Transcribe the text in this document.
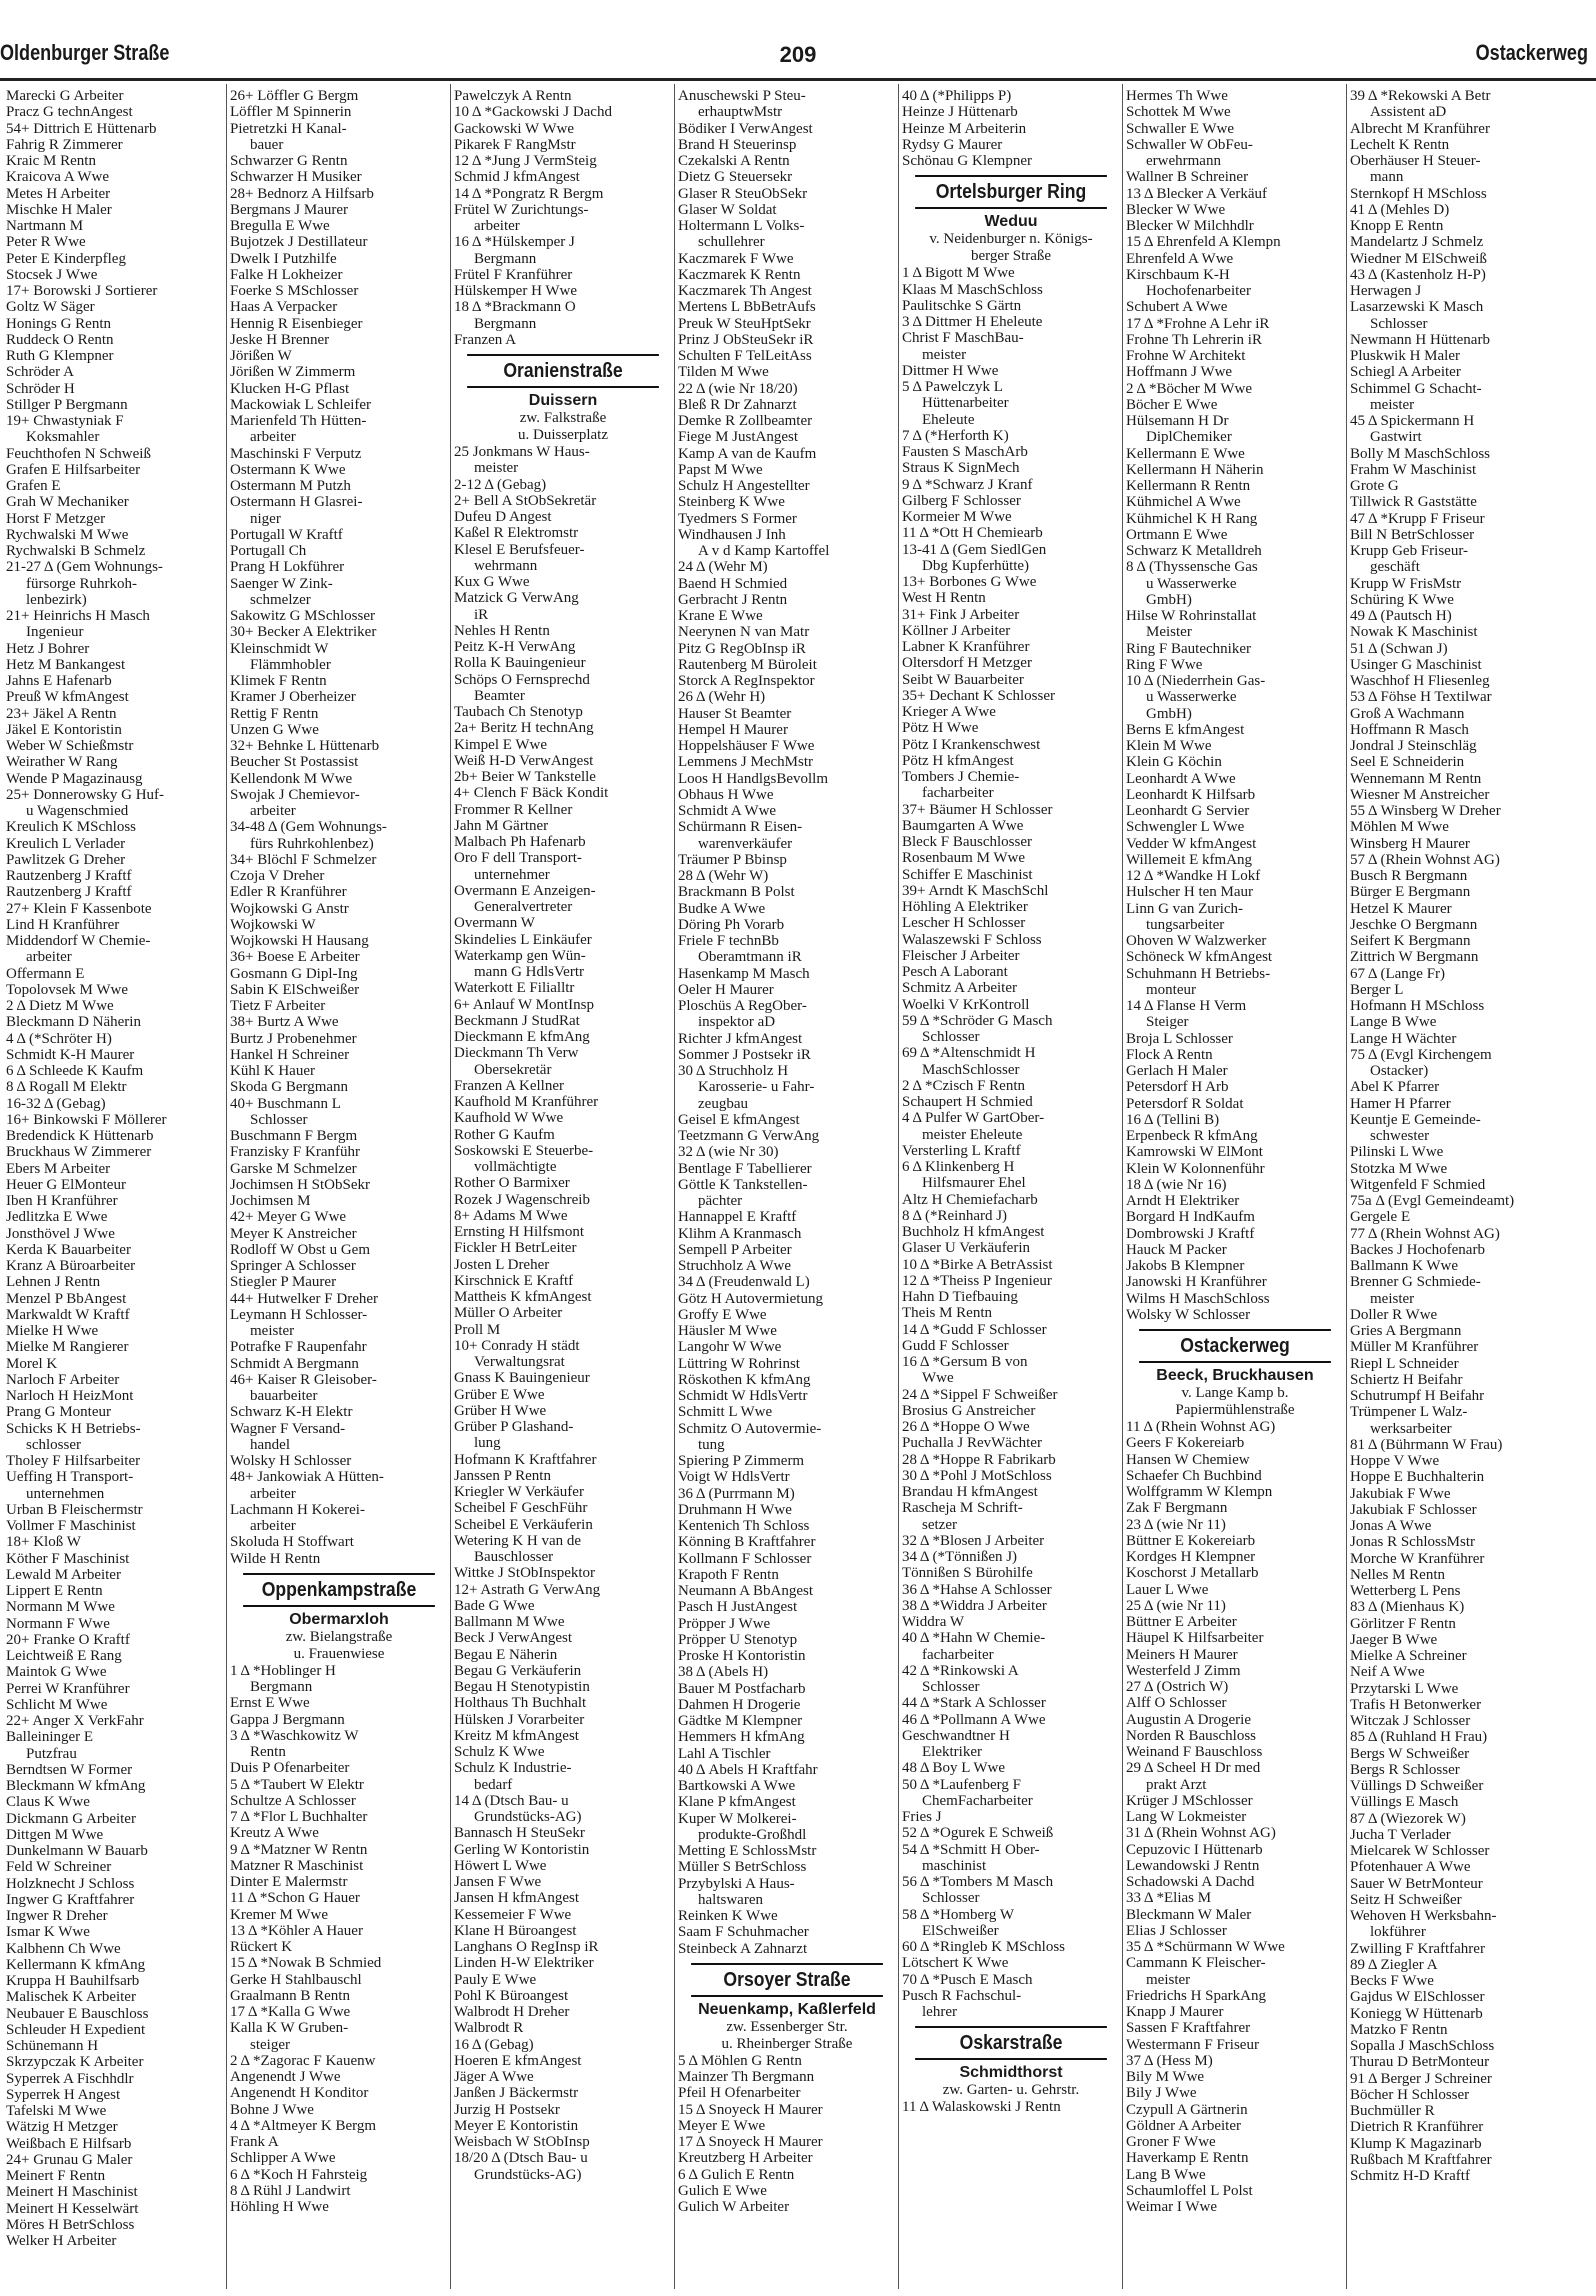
Oldenburger Straße	209	Ostackerweg
Marecki G Arbeiter
Pracz G technAngest
54+ Dittrich E Hüttenarb
Fahrig R Zimmerer
Kraic M Rentn
Kraicova A Wwe
Metes H Arbeiter
Mischke H Maler
Nartmann M
Peter R Wwe
Peter E Kinderpfleg
Stocsek J Wwe
17+ Borowski J Sortierer
Goltz W Säger
Honings G Rentn
Ruddeck O Rentn
Ruth G Klempner
Schröder A
Schröder H
Stillger P Bergmann
19+ Chwastyniak F
Koksmahler
Feuchthofen N Schweiß
Grafen E Hilfsarbeiter
Grafen E
Grah W Mechaniker
Horst F Metzger
Rychwalski M Wwe
Rychwalski B Schmelz
21-27 Δ (Gem Wohnungs-
fürsorge Ruhrkoh-
lenbezirk)
21+ Heinrichs H Masch
Ingenieur
Hetz J Bohrer
Hetz M Bankangest
Jahns E Hafenarb
Preuß W kfmAngest
23+ Jäkel A Rentn
Jäkel E Kontoristin
Weber W Schießmstr
Weirather W Rang
Wende P Magazinausg
25+ Donnerowsky G Huf-
u Wagenschmied
Kreulich K MSchloss
Kreulich L Verlader
Pawlitzek G Dreher
Rautzenberg J Kraftf
Rautzenberg J Kraftf
27+ Klein F Kassenbote
Lind H Kranführer
Middendorf W Chemie-
arbeiter
Offermann E
Topolovsek M Wwe
2 Δ Dietz M Wwe
Bleckmann D Näherin
4 Δ (*Schröter H)
Schmidt K-H Maurer
6 Δ Schleede K Kaufm
8 Δ Rogall M Elektr
16-32 Δ (Gebag)
16+ Binkowski F Möllerer
Bredendick K Hüttenarb
Bruckhaus W Zimmerer
Ebers M Arbeiter
Heuer G ElMonteur
Iben H Kranführer
Jedlitzka E Wwe
Jonsthövel J Wwe
Kerda K Bauarbeiter
Kranz A Büroarbeiter
Lehnen J Rentn
Menzel P BbAngest
Markwaldt W Kraftf
Mielke H Wwe
Mielke M Rangierer
Morel K
Narloch F Arbeiter
Narloch H HeizMont
Prang G Monteur
Schicks K H Betriebs-
schlosser
Tholey F Hilfsarbeiter
Ueffing H Transport-
unternehmen
Urban B Fleischermstr
Vollmer F Maschinist
18+ Kloß W
Köther F Maschinist
Lewald M Arbeiter
Lippert E Rentn
Normann M Wwe
Normann F Wwe
20+ Franke O Kraftf
Leichtweiß E Rang
Maintok G Wwe
Perrei W Kranführer
Schlicht M Wwe
22+ Anger X VerkFahr
Balleininger E
Putzfrau
Berndtsen W Former
Bleckmann W kfmAng
Claus K Wwe
Dickmann G Arbeiter
Dittgen M Wwe
Dunkelmann W Bauarb
Feld W Schreiner
Holzknecht J Schloss
Ingwer G Kraftfahrer
Ingwer R Dreher
Ismar K Wwe
Kalbhenn Ch Wwe
Kellermann K kfmAng
Kruppa H Bauhilfsarb
Malischek K Arbeiter
Neubauer E Bauschloss
Schleuder H Expedient
Schünemann H
Skrzypczak K Arbeiter
Syperrek A Fischhdlr
Syperrek H Angest
Tafelski M Wwe
Wätzig H Metzger
Weißbach E Hilfsarb
24+ Grunau G Maler
Meinert F Rentn
Meinert H Maschinist
Meinert H Kesselwärt
Möres H BetrSchloss
Welker H Arbeiter
26+ Löffler G Bergm
Löffler M Spinnerin
Pietretzki H Kanal-
bauer
Schwarzer G Rentn
Schwarzer H Musiker
28+ Bednorz A Hilfsarb
Bergmans J Maurer
Bregulla E Wwe
Bujotzek J Destillateur
Dwelk I Putzhilfe
Falke H Lokheizer
Foerke S MSchlosser
Haas A Verpacker
Hennig R Eisenbieger
Jeske H Brenner
Jörißen W
Jörißen W Zimmerm
Klucken H-G Pflast
Mackowiak L Schleifer
Marienfeld Th Hütten-
arbeiter
Maschinski F Verputz
Ostermann K Wwe
Ostermann M Putzh
Ostermann H Glasrei-
niger
Portugall W Kraftf
Portugall Ch
Prang H Lokführer
Saenger W Zink-
schmelzer
Sakowitz G MSchlosser
30+ Becker A Elektriker
Kleinschmidt W
Flämmhobler
Klimek F Rentn
Kramer J Oberheizer
Rettig F Rentn
Unzen G Wwe
32+ Behnke L Hüttenarb
Beucher St Postassist
Kellendonk M Wwe
Swojak J Chemievor-
arbeiter
34-48 Δ (Gem Wohnungs-
fürs Ruhrkohlenbez)
34+ Blöchl F Schmelzer
Czoja V Dreher
Edler R Kranführer
Wojkowski G Anstr
Wojkowski W
Wojkowski H Hausang
36+ Boese E Arbeiter
Gosmann G Dipl-Ing
Sabin K ElSchweißer
Tietz F Arbeiter
38+ Burtz A Wwe
Burtz J Probenehmer
Hankel H Schreiner
Kühl K Hauer
Skoda G Bergmann
40+ Buschmann L
Schlosser
Buschmann F Bergm
Franzisky F Kranführ
Garske M Schmelzer
Jochimsen H StObSekr
Jochimsen M
42+ Meyer G Wwe
Meyer K Anstreicher
Rodloff W Obst u Gem
Springer A Schlosser
Stiegler P Maurer
44+ Hutwelker F Dreher
Leymann H Schlosser-
meister
Potrafke F Raupenfahr
Schmidt A Bergmann
46+ Kaiser R Gleisober-
bauarbeiter
Schwarz K-H Elektr
Wagner F Versand-
handel
Wolsky H Schlosser
48+ Jankowiak A Hütten-
arbeiter
Lachmann H Kokerei-
arbeiter
Skoluda H Stoffwart
Wilde H Rentn
Oppenkampstraße
Obermarxloh
zw. Bielangstraße
u. Frauenwiese
1 Δ *Hoblinger H
Bergmann
Ernst E Wwe
Gappa J Bergmann
3 Δ *Waschkowitz W
Rentn
Duis P Ofenarbeiter
5 Δ *Taubert W Elektr
Schultze A Schlosser
7 Δ *Flor L Buchhalter
Kreutz A Wwe
9 Δ *Matzner W Rentn
Matzner R Maschinist
Dinter E Malermstr
11 Δ *Schon G Hauer
Kremer M Wwe
13 Δ *Köhler A Hauer
Rückert K
15 Δ *Nowak B Schmied
Gerke H Stahlbauschl
Graalmann B Rentn
17 Δ *Kalla G Wwe
Kalla K W Gruben-
steiger
2 Δ *Zagorac F Kauenw
Angenendt J Wwe
Angenendt H Konditor
Bohne J Wwe
4 Δ *Altmeyer K Bergm
Frank A
Schlipper A Wwe
6 Δ *Koch H Fahrsteig
8 Δ Rühl J Landwirt
Höhling H Wwe
Pawelczyk A Rentn
10 Δ *Gackowski J Dachd
Gackowski W Wwe
Pikarek F RangMstr
12 Δ *Jung J VermSteig
Schmid J kfmAngest
14 Δ *Pongratz R Bergm
Frütel W Zurichtungs-
arbeiter
16 Δ *Hülskemper J
Bergmann
Frütel F Kranführer
Hülskemper H Wwe
18 Δ *Brackmann O
Bergmann
Franzen A
Oranienstraße
Duissern
zw. Falkstraße
u. Duisserplatz
25 Jonkmans W Haus-
meister
2-12 Δ (Gebag)
2+ Bell A StObSekretär
Dufeu D Angest
Kaßel R Elektromstr
Klesel E Berufsfeuer-
wehrmann
Kux G Wwe
Matzick G VerwAng
iR
Nehles H Rentn
Peitz K-H VerwAng
Rolla K Bauingenieur
Schöps O Fernsprechd
Beamter
Taubach Ch Stenotyp
2a+ Beritz H technAng
Kimpel E Wwe
Weiß H-D VerwAngest
2b+ Beier W Tankstelle
4+ Clench F Bäck Kondit
Frommer R Kellner
Jahn M Gärtner
Malbach Ph Hafenarb
Oro F dell Transport-
unternehmer
Overmann E Anzeigen-
Generalvertreter
Overmann W
Skindelies L Einkäufer
Waterkamp gen Wün-
mann G HdlsVertr
Waterkott E Filialltr
6+ Anlauf W MontInsp
Beckmann J StudRat
Dieckmann E kfmAng
Dieckmann Th Verw
Obersekretär
Franzen A Kellner
Kaufhold M Kranführer
Kaufhold W Wwe
Rother G Kaufm
Soskowski E Steuerbe-
vollmächtigte
Rother O Barmixer
Rozek J Wagenschreib
8+ Adams M Wwe
Ernsting H Hilfsmont
Fickler H BetrLeiter
Josten L Dreher
Kirschnick E Kraftf
Mattheis K kfmAngest
Müller O Arbeiter
Proll M
10+ Conrady H städt
Verwaltungsrat
Gnass K Bauingenieur
Grüber E Wwe
Grüber H Wwe
Grüber P Glashand-
lung
Hofmann K Kraftfahrer
Janssen P Rentn
Kriegler W Verkäufer
Scheibel F GeschFühr
Scheibel E Verkäuferin
Wetering K H van de
Bauschlosser
Wittke J StObInspektor
12+ Astrath G VerwAng
Bade G Wwe
Ballmann M Wwe
Beck J VerwAngest
Begau E Näherin
Begau G Verkäuferin
Begau H Stenotypistin
Holthaus Th Buchhalt
Hülsken J Vorarbeiter
Kreitz M kfmAngest
Schulz K Wwe
Schulz K Industrie-
bedarf
14 Δ (Dtsch Bau- u
Grundstücks-AG)
Bannasch H SteuSekr
Gerling W Kontoristin
Höwert L Wwe
Jansen F Wwe
Jansen H kfmAngest
Kessemeier F Wwe
Klane H Büroangest
Langhans O RegInsp iR
Linden H-W Elektriker
Pauly E Wwe
Pohl K Büroangest
Walbrodt H Dreher
Walbrodt R
16 Δ (Gebag)
Hoeren E kfmAngest
Jäger A Wwe
Janßen J Bäckermstr
Jurzig H Postsekr
Meyer E Kontoristin
Weisbach W StObInsp
18/20 Δ (Dtsch Bau- u
Grundstücks-AG)
Anuschewski P Steu-
erhauptwMstr
Bödiker I VerwAngest
Brand H Steuerinsp
Czekalski A Rentn
Dietz G Steuersekr
Glaser R SteuObSekr
Glaser W Soldat
Holtermann L Volks-
schullehrer
Kaczmarek F Wwe
Kaczmarek K Rentn
Kaczmarek Th Angest
Mertens L BbBetrAufs
Preuk W SteuHptSekr
Prinz J ObSteuSekr iR
Schulten F TelLeitAss
Tilden M Wwe
22 Δ (wie Nr 18/20)
Bleß R Dr Zahnarzt
Demke R Zollbeamter
Fiege M JustAngest
Kamp A van de Kaufm
Papst M Wwe
Schulz H Angestellter
Steinberg K Wwe
Tyedmers S Former
Windhausen J Inh
A v d Kamp Kartoffel
24 Δ (Wehr M)
Baend H Schmied
Gerbracht J Rentn
Krane E Wwe
Neerynen N van Matr
Pitz G RegObInsp iR
Rautenberg M Büroleit
Storck A RegInspektor
26 Δ (Wehr H)
Hauser St Beamter
Hempel H Maurer
Hoppelshäuser F Wwe
Lemmens J MechMstr
Loos H HandlgsBevollm
Obhaus H Wwe
Schmidt A Wwe
Schürmann R Eisen-
warenverkäufer
Träumer P Bbinsp
28 Δ (Wehr W)
Brackmann B Polst
Budke A Wwe
Döring Ph Vorarb
Friele F technBb
Oberamtmann iR
Hasenkamp M Masch
Oeler H Maurer
Ploschüs A RegOber-
inspektor aD
Richter J kfmAngest
Sommer J Postsekr iR
30 Δ Struchholz H
Karosserie- u Fahr-
zeugbau
Geisel E kfmAngest
Teetzmann G VerwAng
32 Δ (wie Nr 30)
Bentlage F Tabellierer
Göttle K Tankstellen-
pächter
Hannappel E Kraftf
Klihm A Kranmasch
Sempell P Arbeiter
Struchholz A Wwe
34 Δ (Freudenwald L)
Götz H Autovermietung
Groffy E Wwe
Häusler M Wwe
Langohr W Wwe
Lüttring W Rohrinst
Röskothen K kfmAng
Schmidt W HdlsVertr
Schmitt L Wwe
Schmitz O Autovermie-
tung
Spiering P Zimmerm
Voigt W HdlsVertr
36 Δ (Purrmann M)
Druhmann H Wwe
Kentenich Th Schloss
Könning B Kraftfahrer
Kollmann F Schlosser
Krapoth F Rentn
Neumann A BbAngest
Pasch H JustAngest
Pröpper J Wwe
Pröpper U Stenotyp
Proske H Kontoristin
38 Δ (Abels H)
Bauer M Postfacharb
Dahmen H Drogerie
Gädtke M Klempner
Hemmers H kfmAng
Lahl A Tischler
40 Δ Abels H Kraftfahr
Bartkowski A Wwe
Klane P kfmAngest
Kuper W Molkerei-
produkte-Großhdl
Metting E SchlossMstr
Müller S BetrSchloss
Przybylski A Haus-
haltswaren
Reinken K Wwe
Saam F Schuhmacher
Steinbeck A Zahnarzt
Orsoyer Straße
Neuenkamp, Kaßlerfeld
zw. Essenberger Str.
u. Rheinberger Straße
5 Δ Möhlen G Rentn
Mainzer Th Bergmann
Pfeil H Ofenarbeiter
15 Δ Snoyeck H Maurer
Meyer E Wwe
17 Δ Snoyeck H Maurer
Kreutzberg H Arbeiter
6 Δ Gulich E Rentn
Gulich E Wwe
Gulich W Arbeiter
40 Δ (*Philipps P)
Heinze J Hüttenarb
Heinze M Arbeiterin
Rydsy G Maurer
Schönau G Klempner
Ortelsburger Ring
Weduu
v. Neidenburger n. Königs-
berger Straße
1 Δ Bigott M Wwe
Klaas M MaschSchloss
Paulitschke S Gärtn
3 Δ Dittmer H Eheleute
Christ F MaschBau-
meister
Dittmer H Wwe
5 Δ Pawelczyk L
Hüttenarbeiter
Eheleute
7 Δ (*Herforth K)
Fausten S MaschArb
Straus K SignMech
9 Δ *Schwarz J Kranf
Gilberg F Schlosser
Kormeier M Wwe
11 Δ *Ott H Chemiearb
13-41 Δ (Gem SiedlGen
Dbg Kupferhütte)
13+ Borbones G Wwe
West H Rentn
31+ Fink J Arbeiter
Köllner J Arbeiter
Labner K Kranführer
Oltersdorf H Metzger
Seibt W Bauarbeiter
35+ Dechant K Schlosser
Krieger A Wwe
Pötz H Wwe
Pötz I Krankenschwest
Pötz H kfmAngest
Tombers J Chemie-
facharbeiter
37+ Bäumer H Schlosser
Baumgarten A Wwe
Bleck F Bauschlosser
Rosenbaum M Wwe
Schiffer E Maschinist
39+ Arndt K MaschSchl
Höhling A Elektriker
Lescher H Schlosser
Walaszewski F Schloss
Fleischer J Arbeiter
Pesch A Laborant
Schmitz A Arbeiter
Woelki V KrKontroll
59 Δ *Schröder G Masch
Schlosser
69 Δ *Altenschmidt H
MaschSchlosser
2 Δ *Czisch F Rentn
Schaupert H Schmied
4 Δ Pulfer W GartOber-
meister Eheleute
Versterling L Kraftf
6 Δ Klinkenberg H
Hilfsmaurer Ehel
Altz H Chemiefacharb
8 Δ (*Reinhard J)
Buchholz H kfmAngest
Glaser U Verkäuferin
10 Δ *Birke A BetrAssist
12 Δ *Theiss P Ingenieur
Hahn D Tiefbauing
Theis M Rentn
14 Δ *Gudd F Schlosser
Gudd F Schlosser
16 Δ *Gersum B von
Wwe
24 Δ *Sippel F Schweißer
Brosius G Anstreicher
26 Δ *Hoppe O Wwe
Puchalla J RevWächter
28 Δ *Hoppe R Fabrikarb
30 Δ *Pohl J MotSchloss
Brandau H kfmAngest
Rascheja M Schrift-
setzer
32 Δ *Blosen J Arbeiter
34 Δ (*Tönnißen J)
Tönnißen S Bürohilfe
36 Δ *Hahse A Schlosser
38 Δ *Widdra J Arbeiter
Widdra W
40 Δ *Hahn W Chemie-
facharbeiter
42 Δ *Rinkowski A
Schlosser
44 Δ *Stark A Schlosser
46 Δ *Pollmann A Wwe
Geschwandtner H
Elektriker
48 Δ Boy L Wwe
50 Δ *Laufenberg F
ChemFacharbeiter
Fries J
52 Δ *Ogurek E Schweiß
54 Δ *Schmitt H Ober-
maschinist
56 Δ *Tombers M Masch
Schlosser
58 Δ *Homberg W
ElSchweißer
60 Δ *Ringleb K MSchloss
Lötschert K Wwe
70 Δ *Pusch E Masch
Pusch R Fachschul-
lehrer
Oskarstraße
Schmidthorst
zw. Garten- u. Gehrstr.
11 Δ Walaskowski J Rentn
Hermes Th Wwe
Schottek M Wwe
Schwaller E Wwe
Schwaller W ObFeu-
erwehrmann
Wallner B Schreiner
13 Δ Blecker A Verkäuf
Blecker W Wwe
Blecker W Milchhdlr
15 Δ Ehrenfeld A Klempn
Ehrenfeld A Wwe
Kirschbaum K-H
Hochofenarbeiter
Schubert A Wwe
17 Δ *Frohne A Lehr iR
Frohne Th Lehrerin iR
Frohne W Architekt
Hoffmann J Wwe
2 Δ *Böcher M Wwe
Böcher E Wwe
Hülsemann H Dr
DiplChemiker
Kellermann E Wwe
Kellermann H Näherin
Kellermann R Rentn
Kühmichel A Wwe
Kühmichel K H Rang
Ortmann E Wwe
Schwarz K Metalldreh
8 Δ (Thyssensche Gas
u Wasserwerke
GmbH)
Hilse W Rohrinstallat
Meister
Ring F Bautechniker
Ring F Wwe
10 Δ (Niederrhein Gas-
u Wasserwerke
GmbH)
Berns E kfmAngest
Klein M Wwe
Klein G Köchin
Leonhardt A Wwe
Leonhardt K Hilfsarb
Leonhardt G Servier
Schwengler L Wwe
Vedder W kfmAngest
Willemeit E kfmAng
12 Δ *Wandke H Lokf
Hulscher H ten Maur
Linn G van Zurich-
tungsarbeiter
Ohoven W Walzwerker
Schöneck W kfmAngest
Schuhmann H Betriebs-
monteur
14 Δ Flanse H Verm
Steiger
Broja L Schlosser
Flock A Rentn
Gerlach H Maler
Petersdorf H Arb
Petersdorf R Soldat
16 Δ (Tellini B)
Erpenbeck R kfmAng
Kamrowski W ElMont
Klein W Kolonnenführ
18 Δ (wie Nr 16)
Arndt H Elektriker
Borgard H IndKaufm
Dombrowski J Kraftf
Hauck M Packer
Jakobs B Klempner
Janowski H Kranführer
Wilms H MaschSchloss
Wolsky W Schlosser
Ostackerweg
Beeck, Bruckhausen
v. Lange Kamp b.
Papiermühlenstraße
11 Δ (Rhein Wohnst AG)
Geers F Kokereiarb
Hansen W Chemiew
Schaefer Ch Buchbind
Wolffgramm W Klempn
Zak F Bergmann
23 Δ (wie Nr 11)
Büttner E Kokereiarb
Kordges H Klempner
Koschorst J Metallarb
Lauer L Wwe
25 Δ (wie Nr 11)
Büttner E Arbeiter
Häupel K Hilfsarbeiter
Meiners H Maurer
Westerfeld J Zimm
27 Δ (Ostrich W)
Alff O Schlosser
Augustin A Drogerie
Norden R Bauschloss
Weinand F Bauschloss
29 Δ Scheel H Dr med
prakt Arzt
Krüger J MSchlosser
Lang W Lokmeister
31 Δ (Rhein Wohnst AG)
Cepuzovic I Hüttenarb
Lewandowski J Rentn
Schadowski A Dachd
33 Δ *Elias M
Bleckmann W Maler
Elias J Schlosser
35 Δ *Schürmann W Wwe
Cammann K Fleischer-
meister
Friedrichs H SparkAng
Knapp J Maurer
Sassen F Kraftfahrer
Westermann F Friseur
37 Δ (Hess M)
Bily M Wwe
Bily J Wwe
Czypull A Gärtnerin
Göldner A Arbeiter
Groner F Wwe
Haverkamp E Rentn
Lang B Wwe
Schaumloffel L Polst
Weimar I Wwe
39 Δ *Rekowski A Betr
Assistent aD
Albrecht M Kranführer
Lechelt K Rentn
Oberhäuser H Steuer-
mann
Sternkopf H MSchloss
41 Δ (Mehles D)
Knopp E Rentn
Mandelartz J Schmelz
Wiedner M ElSchweiß
43 Δ (Kastenholz H-P)
Herwagen J
Lasarzewski K Masch
Schlosser
Newmann H Hüttenarb
Pluskwik H Maler
Schiegl A Arbeiter
Schimmel G Schacht-
meister
45 Δ Spickermann H
Gastwirt
Bolly M MaschSchloss
Frahm W Maschinist
Grote G
Tillwick R Gaststätte
47 Δ *Krupp F Friseur
Bill N BetrSchlosser
Krupp Geb Friseur-
geschäft
Krupp W FrisMstr
Schüring K Wwe
49 Δ (Pautsch H)
Nowak K Maschinist
51 Δ (Schwan J)
Usinger G Maschinist
Waschhof H Fliesenleg
53 Δ Föhse H Textilwar
Groß A Wachmann
Hoffmann R Masch
Jondral J Steinschläg
Seel E Schneiderin
Wennemann M Rentn
Wiesner M Anstreicher
55 Δ Winsberg W Dreher
Möhlen M Wwe
Winsberg H Maurer
57 Δ (Rhein Wohnst AG)
Busch R Bergmann
Bürger E Bergmann
Hetzel K Maurer
Jeschke O Bergmann
Seifert K Bergmann
Zittrich W Bergmann
67 Δ (Lange Fr)
Berger L
Hofmann H MSchloss
Lange B Wwe
Lange H Wächter
75 Δ (Evgl Kirchengem
Ostacker)
Abel K Pfarrer
Hamer H Pfarrer
Keuntje E Gemeinde-
schwester
Pilinski L Wwe
Stotzka M Wwe
Witgenfeld F Schmied
75a Δ (Evgl Gemeindeamt)
Gergele E
77 Δ (Rhein Wohnst AG)
Backes J Hochofenarb
Ballmann K Wwe
Brenner G Schmiede-
meister
Doller R Wwe
Gries A Bergmann
Müller M Kranführer
Riepl L Schneider
Schiertz H Beifahr
Schutrumpf H Beifahr
Trümpener L Walz-
werksarbeiter
81 Δ (Bührmann W Frau)
Hoppe V Wwe
Hoppe E Buchhalterin
Jakubiak F Wwe
Jakubiak F Schlosser
Jonas A Wwe
Jonas R SchlossMstr
Morche W Kranführer
Nelles M Rentn
Wetterberg L Pens
83 Δ (Mienhaus K)
Görlitzer F Rentn
Jaeger B Wwe
Mielke A Schreiner
Neif A Wwe
Przytarski L Wwe
Trafis H Betonwerker
Witczak J Schlosser
85 Δ (Ruhland H Frau)
Bergs W Schweißer
Bergs R Schlosser
Vüllings D Schweißer
Vüllings E Masch
87 Δ (Wiezorek W)
Jucha T Verlader
Mielcarek W Schlosser
Pfotenhauer A Wwe
Sauer W BetrMonteur
Seitz H Schweißer
Wehoven H Werksbahn-
lokführer
Zwilling F Kraftfahrer
89 Δ Ziegler A
Becks F Wwe
Gajdus W ElSchlosser
Koniegg W Hüttenarb
Matzko F Rentn
Sopalla J MaschSchloss
Thurau D BetrMonteur
91 Δ Berger J Schreiner
Böcher H Schlosser
Buchmüller R
Dietrich R Kranführer
Klump K Magazinarb
Rußbach M Kraftfahrer
Schmitz H-D Kraftf
